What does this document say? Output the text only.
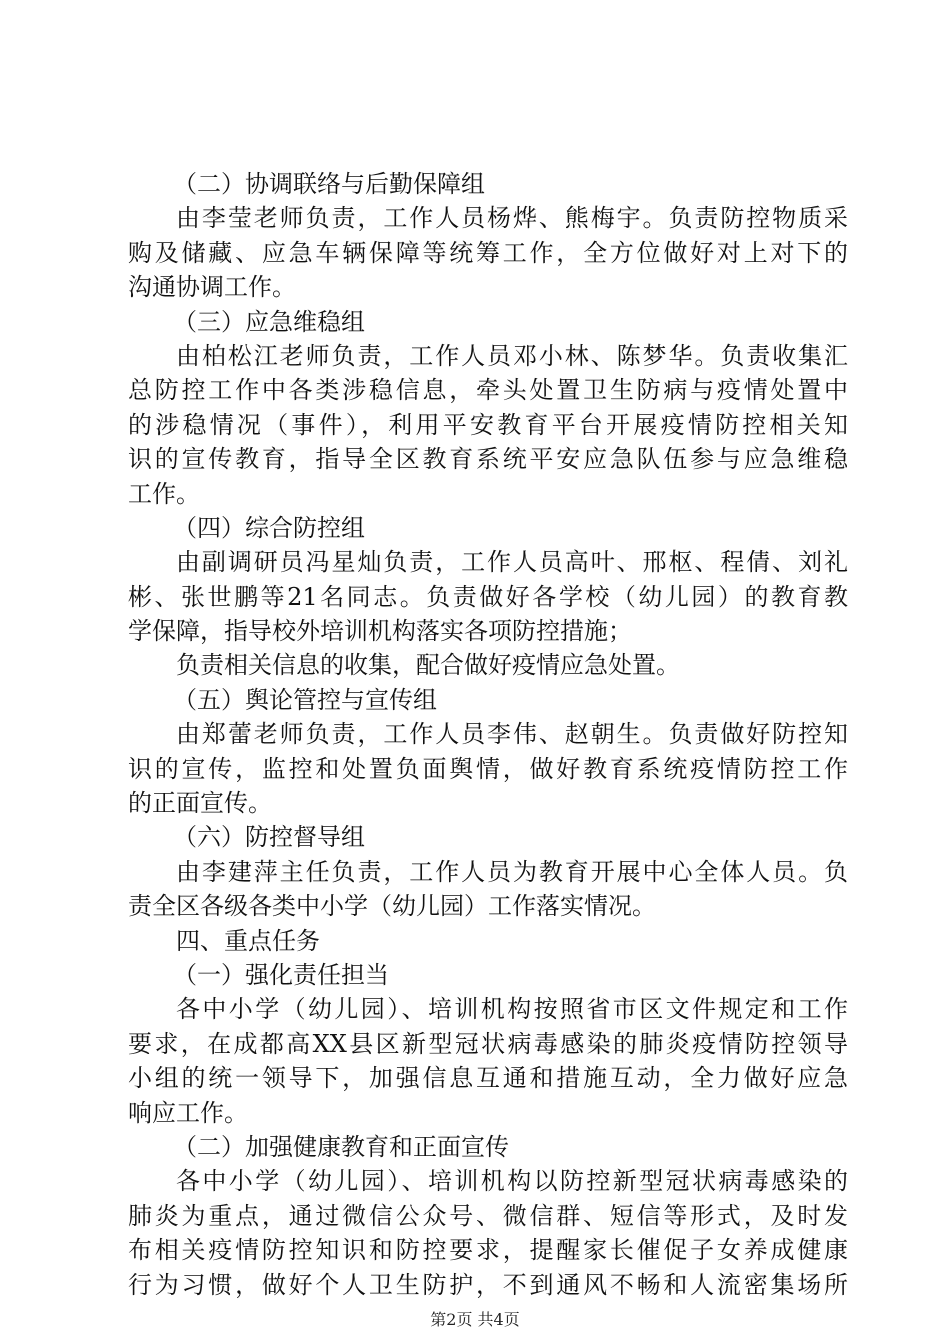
（二）协调联络与后勤保障组
由李莹老师负责，工作人员杨烨、熊梅宇。负责防控物质采
购及储藏、应急车辆保障等统筹工作，全方位做好对上对下的
沟通协调工作。
（三）应急维稳组
由柏松江老师负责，工作人员邓小林、陈梦华。负责收集汇
总防控工作中各类涉稳信息，牵头处置卫生防病与疫情处置中
的涉稳情况（事件），利用平安教育平台开展疫情防控相关知
识的宣传教育，指导全区教育系统平安应急队伍参与应急维稳
工作。
（四）综合防控组
由副调研员冯星灿负责，工作人员高叶、邢枢、程倩、刘礼
彬、张世鹏等21名同志。负责做好各学校（幼儿园）的教育教
学保障，指导校外培训机构落实各项防控措施；
负责相关信息的收集，配合做好疫情应急处置。
（五）舆论管控与宣传组
由郑蕾老师负责，工作人员李伟、赵朝生。负责做好防控知
识的宣传，监控和处置负面舆情，做好教育系统疫情防控工作
的正面宣传。
（六）防控督导组
由李建萍主任负责，工作人员为教育开展中心全体人员。负
责全区各级各类中小学（幼儿园）工作落实情况。
四、重点任务
（一）强化责任担当
各中小学（幼儿园）、培训机构按照省市区文件规定和工作
要求，在成都高XX县区新型冠状病毒感染的肺炎疫情防控领导
小组的统一领导下，加强信息互通和措施互动，全力做好应急
响应工作。
（二）加强健康教育和正面宣传
各中小学（幼儿园）、培训机构以防控新型冠状病毒感染的
肺炎为重点，通过微信公众号、微信群、短信等形式，及时发
布相关疫情防控知识和防控要求，提醒家长催促子女养成健康
行为习惯，做好个人卫生防护，不到通风不畅和人流密集场所
第2页 共4页
